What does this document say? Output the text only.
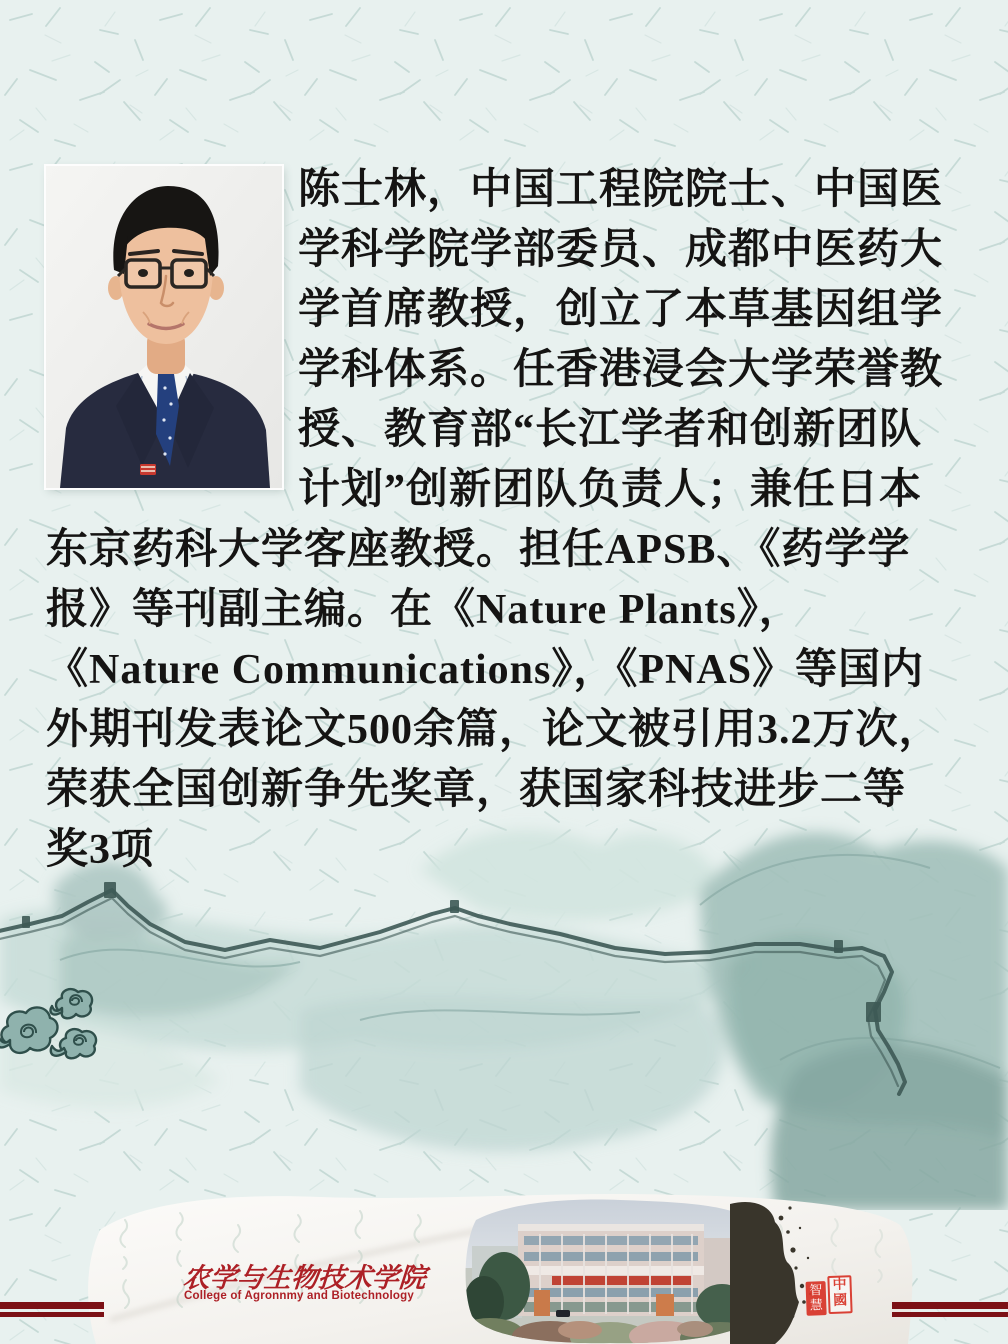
陈士林，中国工程院院士、中国医
学科学院学部委员、成都中医药大
学首席教授，创立了本草基因组学
学科体系。任香港浸会大学荣誉教
授、教育部“长江学者和创新团队
计划”创新团队负责人；兼任日本
东京药科大学客座教授。担任APSB、《药学学
报》等刊副主编。在《Nature Plants》，
《Nature Communications》，《PNAS》等国内
外期刊发表论文500余篇，论文被引用3.2万次，
荣获全国创新争先奖章，获国家科技进步二等
奖3项
智慧
中國
农学与生物技术学院
College of Agronnmy and Biotechnology
